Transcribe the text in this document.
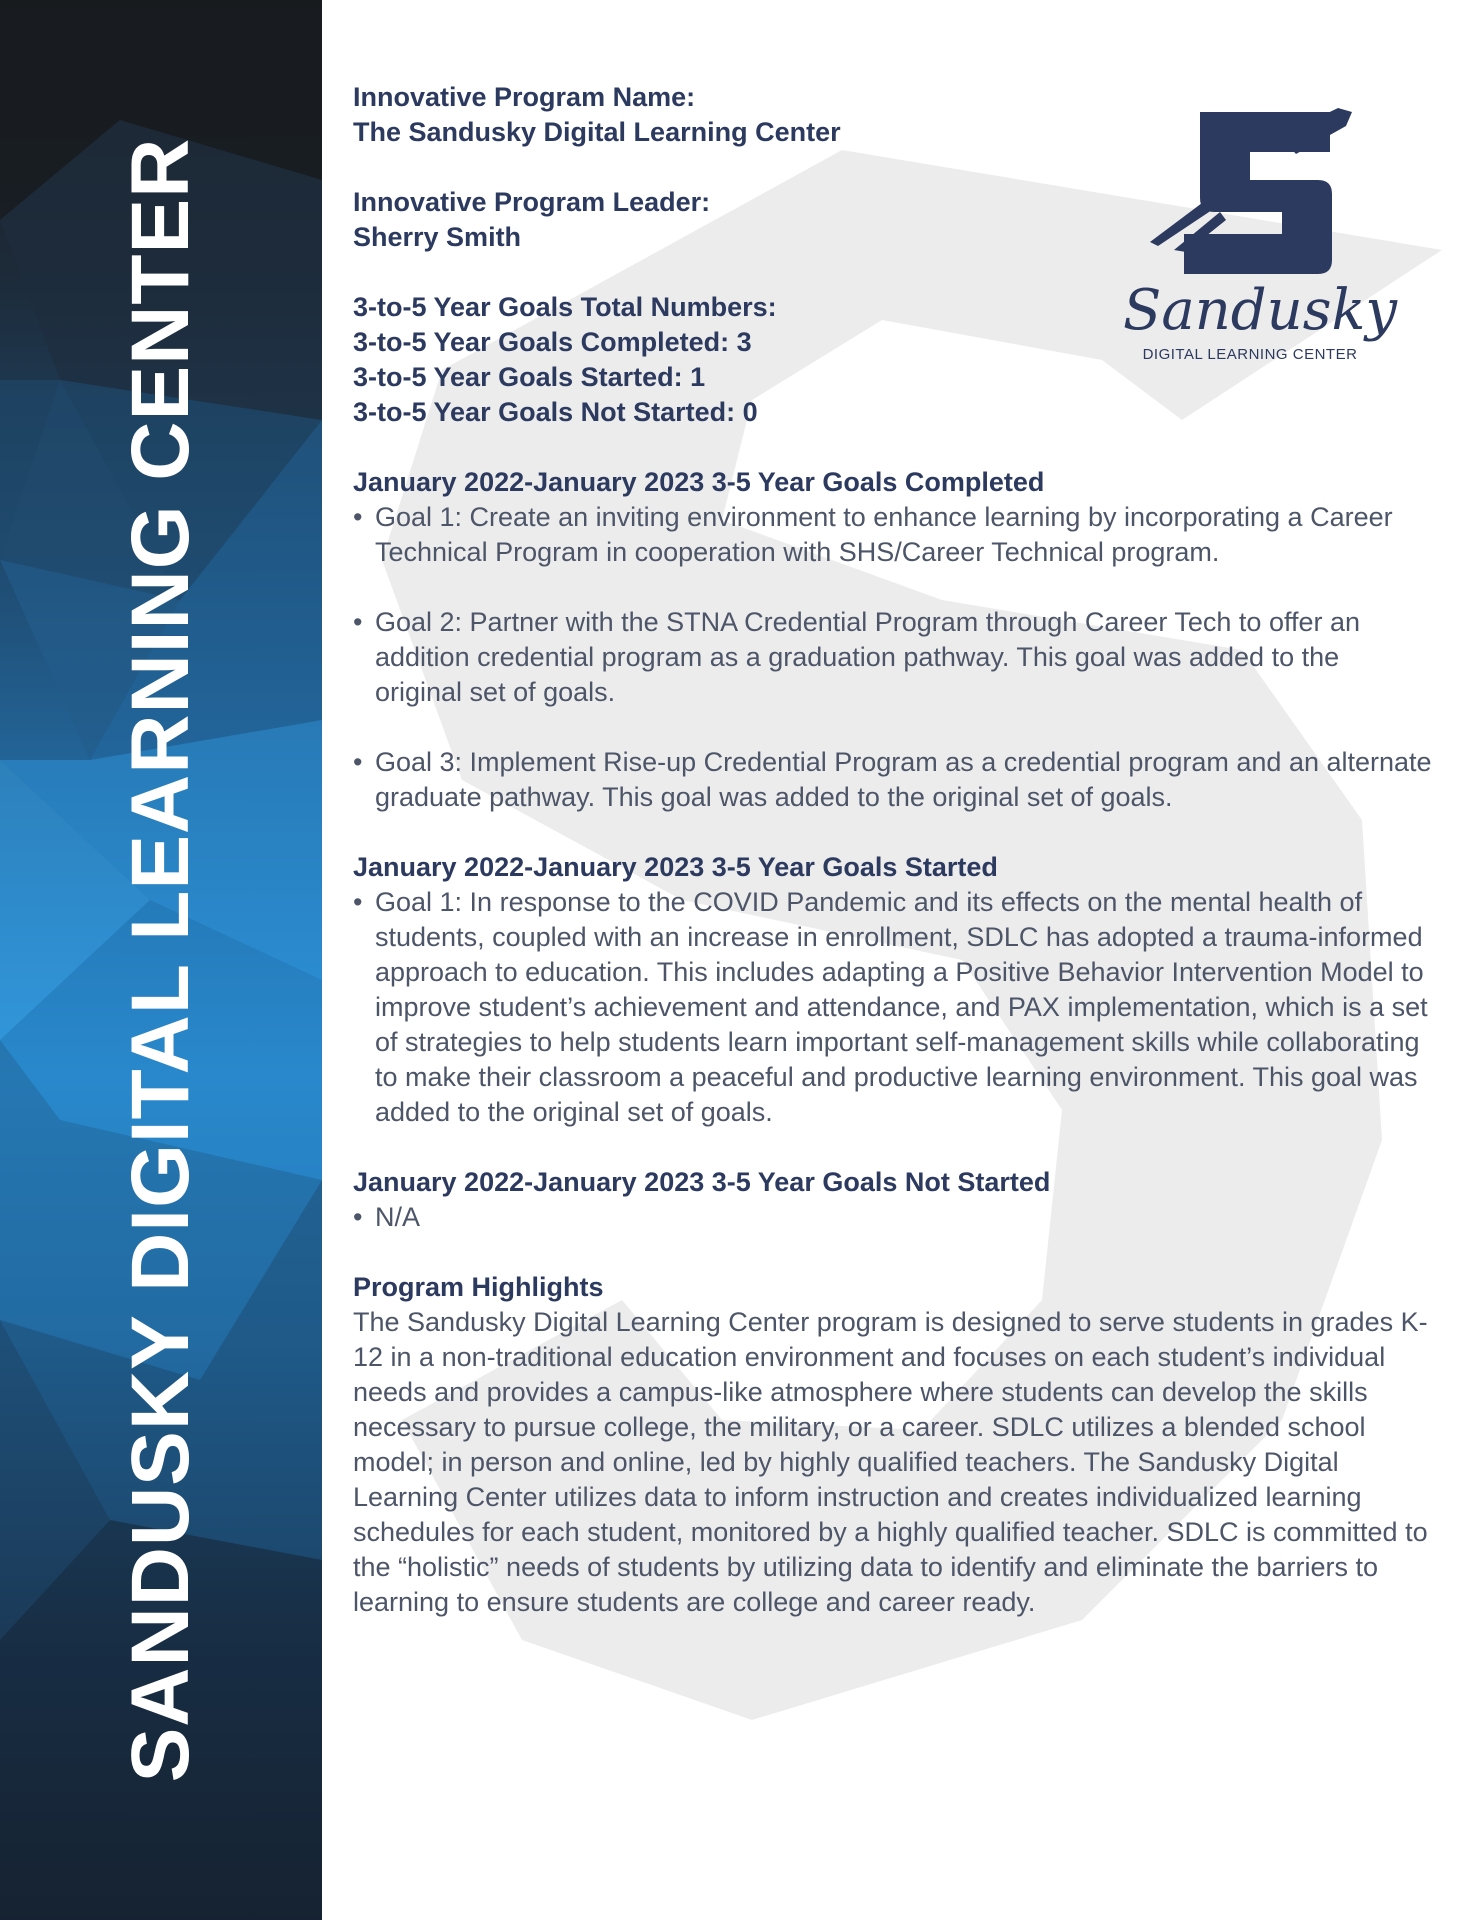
SANDUSKY DIGITAL LEARNING CENTER	Sandusky
DIGITAL LEARNING CENTER

Innovative Program Name:

The Sandusky Digital Learning Center

Innovative Program Leader:

Sherry Smith

3-to-5 Year Goals Total Numbers:

3-to-5 Year Goals Completed: 3

3-to-5 Year Goals Started: 1

3-to-5 Year Goals Not Started: 0

January 2022-January 2023 3-5 Year Goals Completed

• Goal 1: Create an inviting environment to enhance learning by incorporating a Career Technical Program in cooperation with SHS/Career Technical program.
• Goal 2: Partner with the STNA Credential Program through Career Tech to offer an addition credential program as a graduation pathway. This goal was added to the original set of goals.
• Goal 3: Implement Rise-up Credential Program as a credential program and an alternate graduate pathway. This goal was added to the original set of goals.

January 2022-January 2023 3-5 Year Goals Started

• Goal 1: In response to the COVID Pandemic and its effects on the mental health of students, coupled with an increase in enrollment, SDLC has adopted a trauma-informed approach to education. This includes adapting a Positive Behavior Intervention Model to improve student’s achievement and attendance, and PAX implementation, which is a set of strategies to help students learn important self-management skills while collaborating to make their classroom a peaceful and productive learning environment. This goal was added to the original set of goals.

January 2022-January 2023 3-5 Year Goals Not Started

• N/A

Program Highlights

The Sandusky Digital Learning Center program is designed to serve students in grades K-12 in a non-traditional education environment and focuses on each student’s individual needs and provides a campus-like atmosphere where students can develop the skills necessary to pursue college, the military, or a career. SDLC utilizes a blended school model; in person and online, led by highly qualified teachers. The Sandusky Digital Learning Center utilizes data to inform instruction and creates individualized learning schedules for each student, monitored by a highly qualified teacher. SDLC is committed to the “holistic” needs of students by utilizing data to identify and eliminate the barriers to learning to ensure students are college and career ready.
